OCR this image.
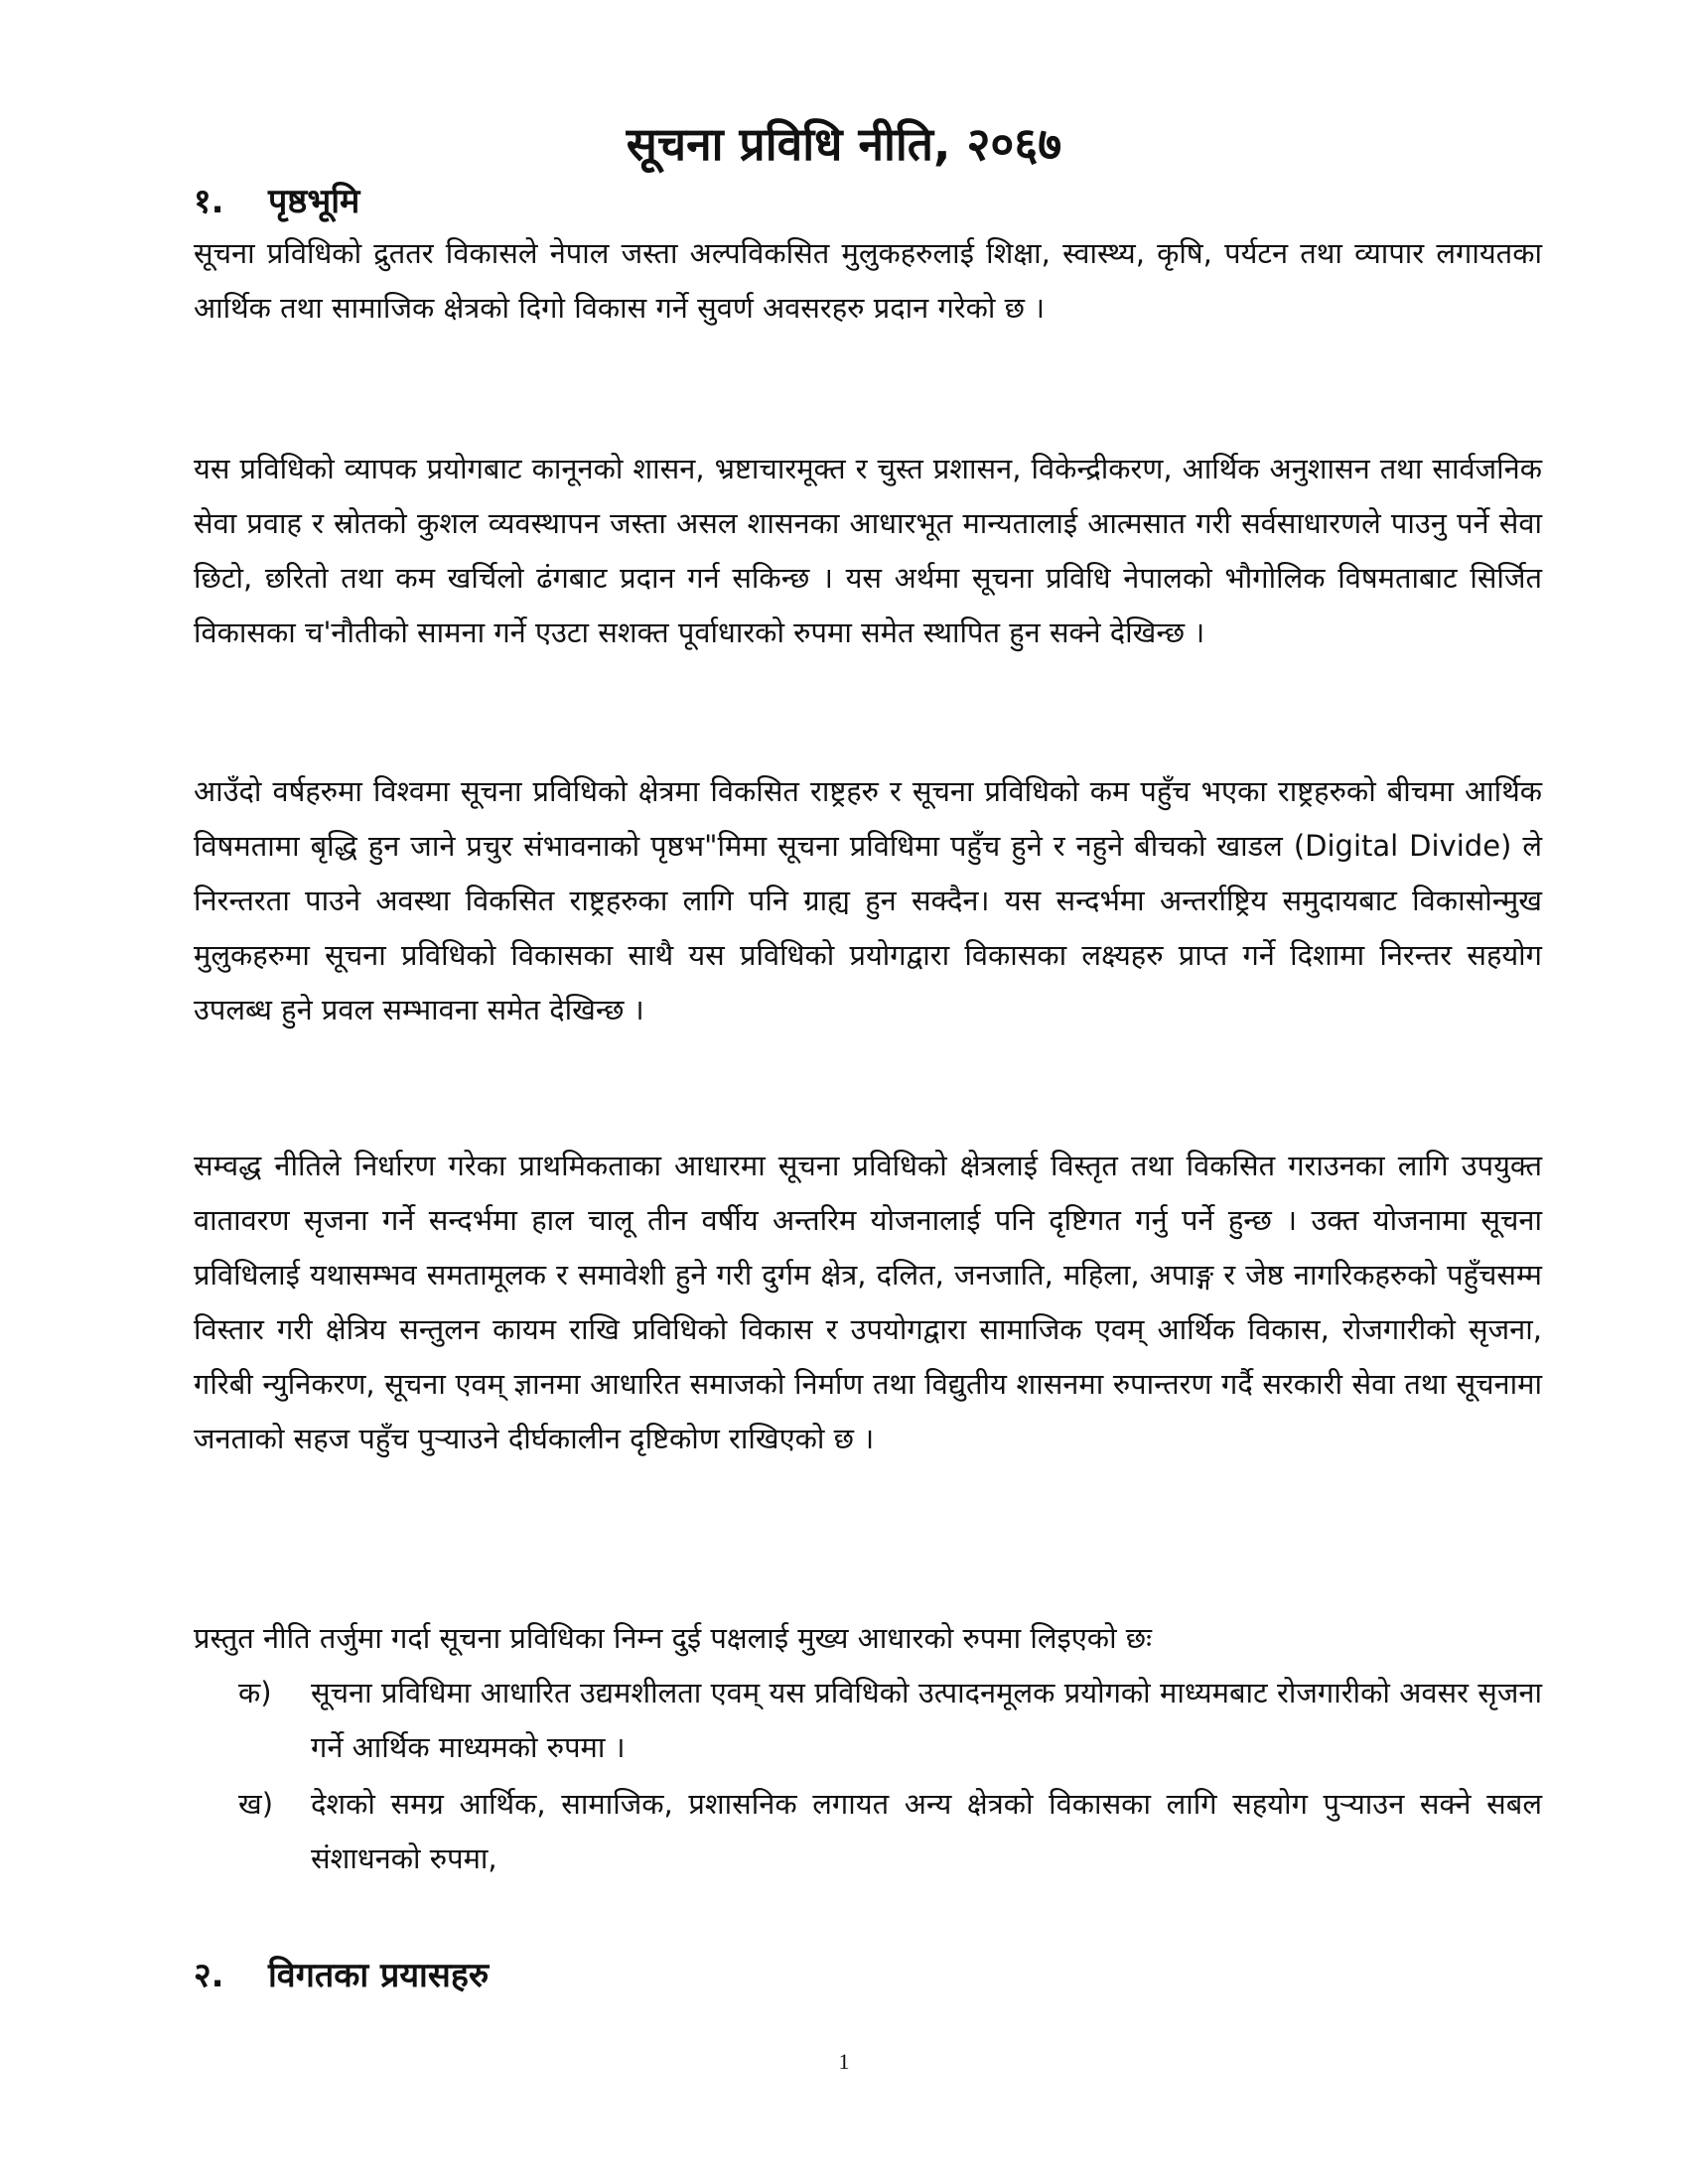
सूचना प्रविधि नीति, २०६७
१. पृष्ठभूमि

सूचना प्रविधिको द्रुततर विकासले नेपाल जस्ता अल्पविकसित मुलुकहरुलाई शिक्षा, स्वास्थ्य, कृषि, पर्यटन तथा व्यापार लगायतका आर्थिक तथा सामाजिक क्षेत्रको दिगो विकास गर्ने सुवर्ण अवसरहरु प्रदान गरेको छ ।

यस प्रविधिको व्यापक प्रयोगबाट कानूनको शासन, भ्रष्टाचारमूक्त र चुस्त प्रशासन, विकेन्द्रीकरण, आर्थिक अनुशासन तथा सार्वजनिक सेवा प्रवाह र स्रोतको कुशल व्यवस्थापन जस्ता असल शासनका आधारभूत मान्यतालाई आत्मसात गरी सर्वसाधारणले पाउनु पर्ने सेवा छिटो, छरितो तथा कम खर्चिलो ढंगबाट प्रदान गर्न सकिन्छ । यस अर्थमा सूचना प्रविधि नेपालको भौगोलिक विषमताबाट सिर्जित विकासका च'नौतीको सामना गर्ने एउटा सशक्त पूर्वाधारको रुपमा समेत स्थापित हुन सक्ने देखिन्छ ।

आउँदो वर्षहरुमा विश्वमा सूचना प्रविधिको क्षेत्रमा विकसित राष्ट्रहरु र सूचना प्रविधिको कम पहुँच भएका राष्ट्रहरुको बीचमा आर्थिक विषमतामा बृद्धि हुन जाने प्रचुर संभावनाको पृष्ठभ"मिमा सूचना प्रविधिमा पहुँच हुने र नहुने बीचको खाडल (Digital Divide) ले निरन्तरता पाउने अवस्था विकसित राष्ट्रहरुका लागि पनि ग्राह्य हुन सक्दैन। यस सन्दर्भमा अन्तर्राष्ट्रिय समुदायबाट विकासोन्मुख मुलुकहरुमा सूचना प्रविधिको विकासका साथै यस प्रविधिको प्रयोगद्वारा विकासका लक्ष्यहरु प्राप्त गर्ने दिशामा निरन्तर सहयोग उपलब्ध हुने प्रवल सम्भावना समेत देखिन्छ ।

सम्वद्ध नीतिले निर्धारण गरेका प्राथमिकताका आधारमा सूचना प्रविधिको क्षेत्रलाई विस्तृत तथा विकसित गराउनका लागि उपयुक्त वातावरण सृजना गर्ने सन्दर्भमा हाल चालू तीन वर्षीय अन्तरिम योजनालाई पनि दृष्टिगत गर्नु पर्ने हुन्छ । उक्त योजनामा सूचना प्रविधिलाई यथासम्भव समतामूलक र समावेशी हुने गरी दुर्गम क्षेत्र, दलित, जनजाति, महिला, अपाङ्ग र जेष्ठ नागरिकहरुको पहुँचसम्म विस्तार गरी क्षेत्रिय सन्तुलन कायम राखि प्रविधिको विकास र उपयोगद्वारा सामाजिक एवम् आर्थिक विकास, रोजगारीको सृजना, गरिबी न्युनिकरण, सूचना एवम् ज्ञानमा आधारित समाजको निर्माण तथा विद्युतीय शासनमा रुपान्तरण गर्दै सरकारी सेवा तथा सूचनामा जनताको सहज पहुँच पुऱ्याउने दीर्घकालीन दृष्टिकोण राखिएको छ ।

प्रस्तुत नीति तर्जुमा गर्दा सूचना प्रविधिका निम्न दुई पक्षलाई मुख्य आधारको रुपमा लिइएको छः

क)	सूचना प्रविधिमा आधारित उद्यमशीलता एवम् यस प्रविधिको उत्पादनमूलक प्रयोगको माध्यमबाट रोजगारीको अवसर सृजना गर्ने आर्थिक माध्यमको रुपमा ।
ख)	देशको समग्र आर्थिक, सामाजिक, प्रशासनिक लगायत अन्य क्षेत्रको विकासका लागि सहयोग पुऱ्याउन सक्ने सबल संशाधनको रुपमा,
२. विगतका प्रयासहरु
1
